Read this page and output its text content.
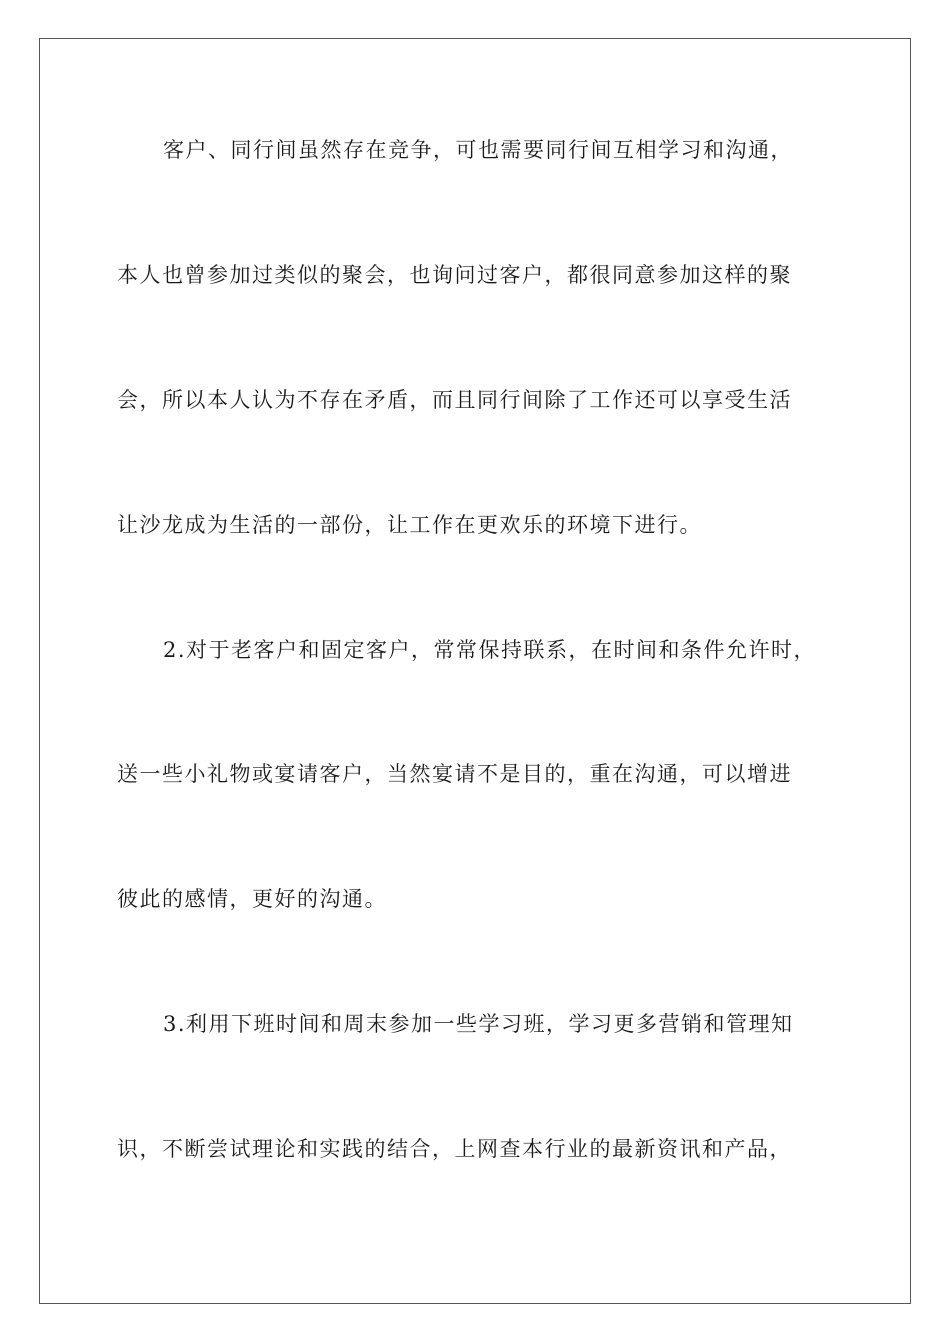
客户、同行间虽然存在竞争，可也需要同行间互相学习和沟通，
本人也曾参加过类似的聚会，也询问过客户，都很同意参加这样的聚
会，所以本人认为不存在矛盾，而且同行间除了工作还可以享受生活
让沙龙成为生活的一部份，让工作在更欢乐的环境下进行。
2.对于老客户和固定客户，常常保持联系，在时间和条件允许时，
送一些小礼物或宴请客户，当然宴请不是目的，重在沟通，可以增进
彼此的感情，更好的沟通。
3.利用下班时间和周末参加一些学习班，学习更多营销和管理知
识，不断尝试理论和实践的结合，上网查本行业的最新资讯和产品，
